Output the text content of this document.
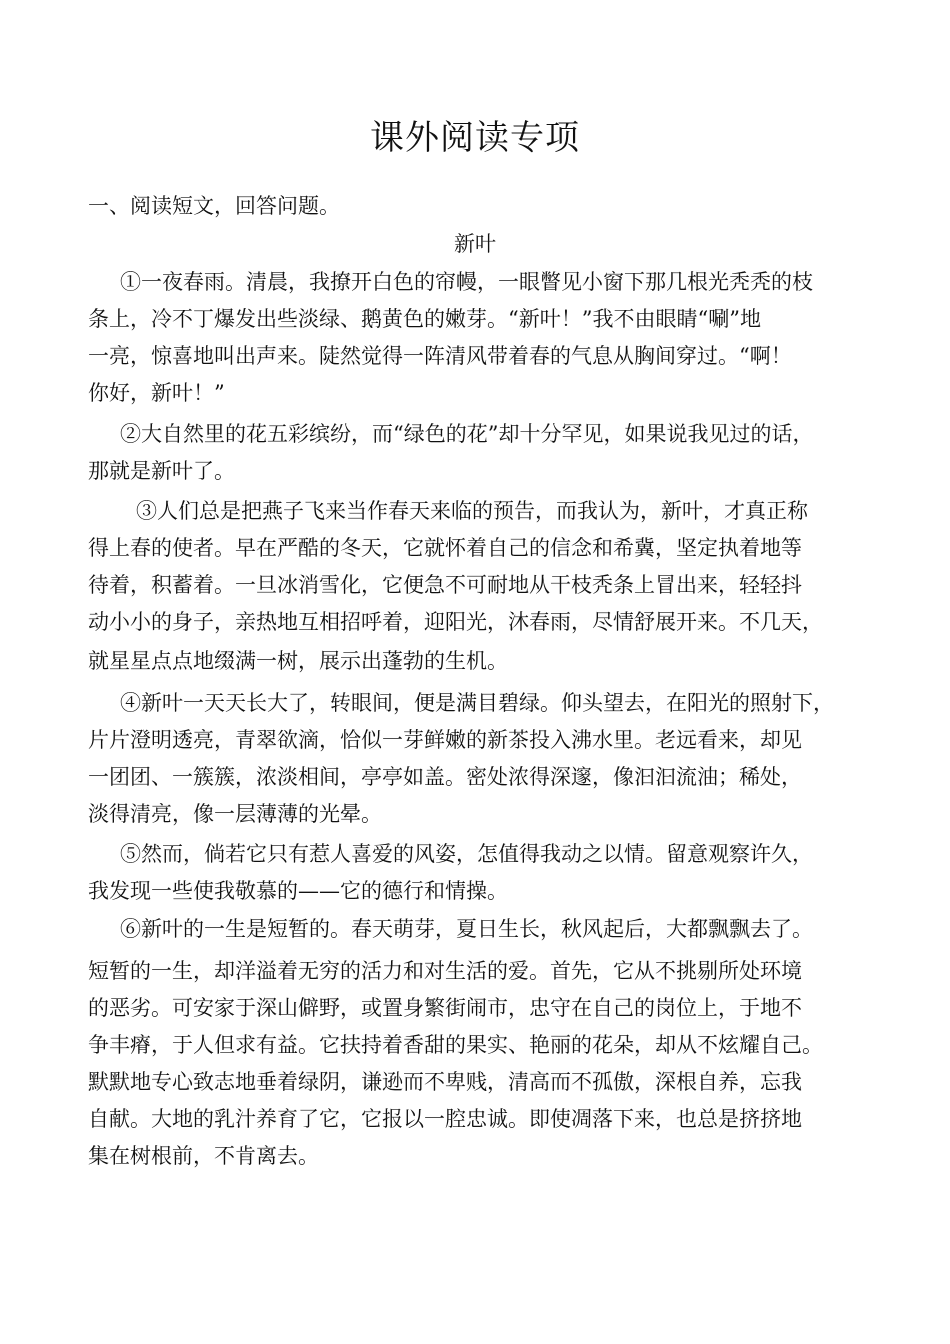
课外阅读专项

一、阅读短文，回答问题。

新叶

①一夜春雨。清晨，我撩开白色的帘幔，一眼瞥见小窗下那几根光秃秃的枝

条上，冷不丁爆发出些淡绿、鹅黄色的嫩芽。“新叶！”我不由眼睛“唰”地

一亮，惊喜地叫出声来。陡然觉得一阵清风带着春的气息从胸间穿过。“啊！

你好，新叶！”

②大自然里的花五彩缤纷，而“绿色的花”却十分罕见，如果说我见过的话，

那就是新叶了。

③人们总是把燕子飞来当作春天来临的预告，而我认为，新叶，才真正称

得上春的使者。早在严酷的冬天，它就怀着自己的信念和希冀，坚定执着地等

待着，积蓄着。一旦冰消雪化，它便急不可耐地从干枝秃条上冒出来，轻轻抖

动小小的身子，亲热地互相招呼着，迎阳光，沐春雨，尽情舒展开来。不几天，

就星星点点地缀满一树，展示出蓬勃的生机。

④新叶一天天长大了，转眼间，便是满目碧绿。仰头望去，在阳光的照射下，

片片澄明透亮，青翠欲滴，恰似一芽鲜嫩的新茶投入沸水里。老远看来，却见

一团团、一簇簇，浓淡相间，亭亭如盖。密处浓得深邃，像汩汩流油；稀处，

淡得清亮，像一层薄薄的光晕。

⑤然而，倘若它只有惹人喜爱的风姿，怎值得我动之以情。留意观察许久，

我发现一些使我敬慕的——它的德行和情操。

⑥新叶的一生是短暂的。春天萌芽，夏日生长，秋风起后，大都飘飘去了。

短暂的一生，却洋溢着无穷的活力和对生活的爱。首先，它从不挑剔所处环境

的恶劣。可安家于深山僻野，或置身繁街闹市，忠守在自己的岗位上，于地不

争丰瘠，于人但求有益。它扶持着香甜的果实、艳丽的花朵，却从不炫耀自己。

默默地专心致志地垂着绿阴，谦逊而不卑贱，清高而不孤傲，深根自养，忘我

自献。大地的乳汁养育了它，它报以一腔忠诚。即使凋落下来，也总是挤挤地

集在树根前，不肯离去。
